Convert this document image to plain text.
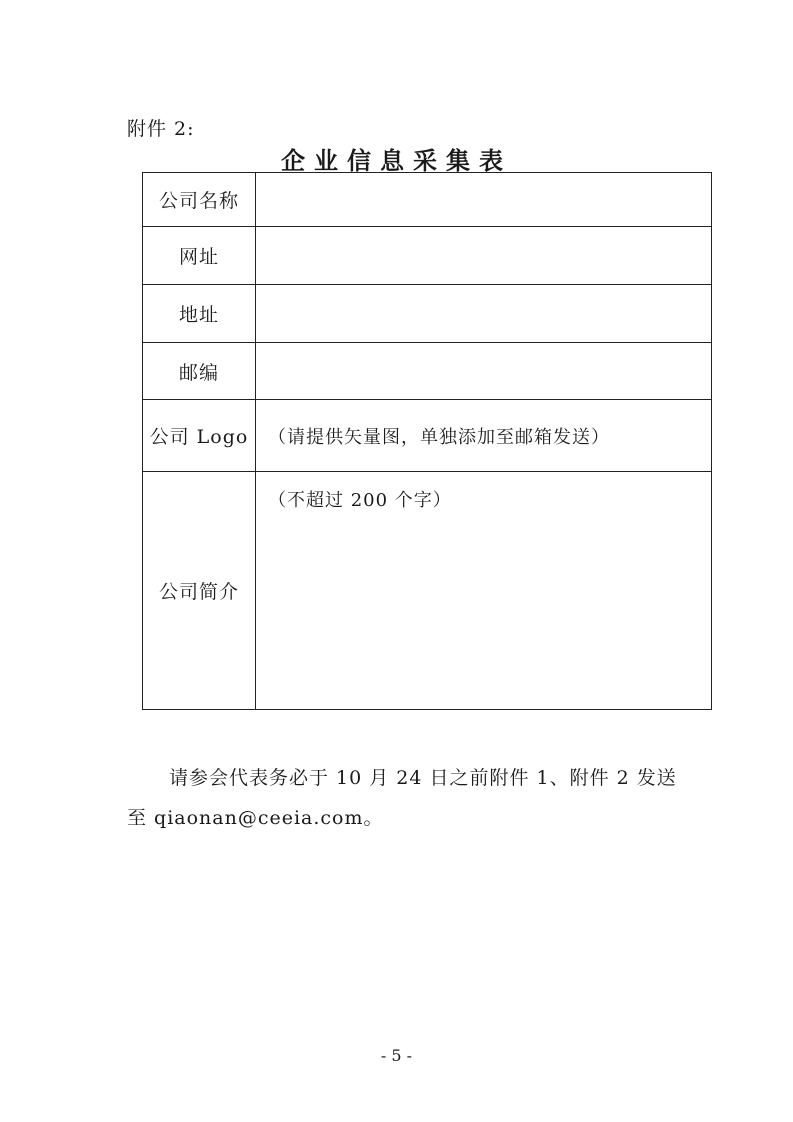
附件 2:
企业信息采集表
公司名称	
网址	
地址	
邮编	
公司 Logo	（请提供矢量图，单独添加至邮箱发送）
公司简介	（不超过 200 个字）
请参会代表务必于 10 月 24 日之前附件 1、附件 2 发送
至 qiaonan@ceeia.com。
- 5 -
